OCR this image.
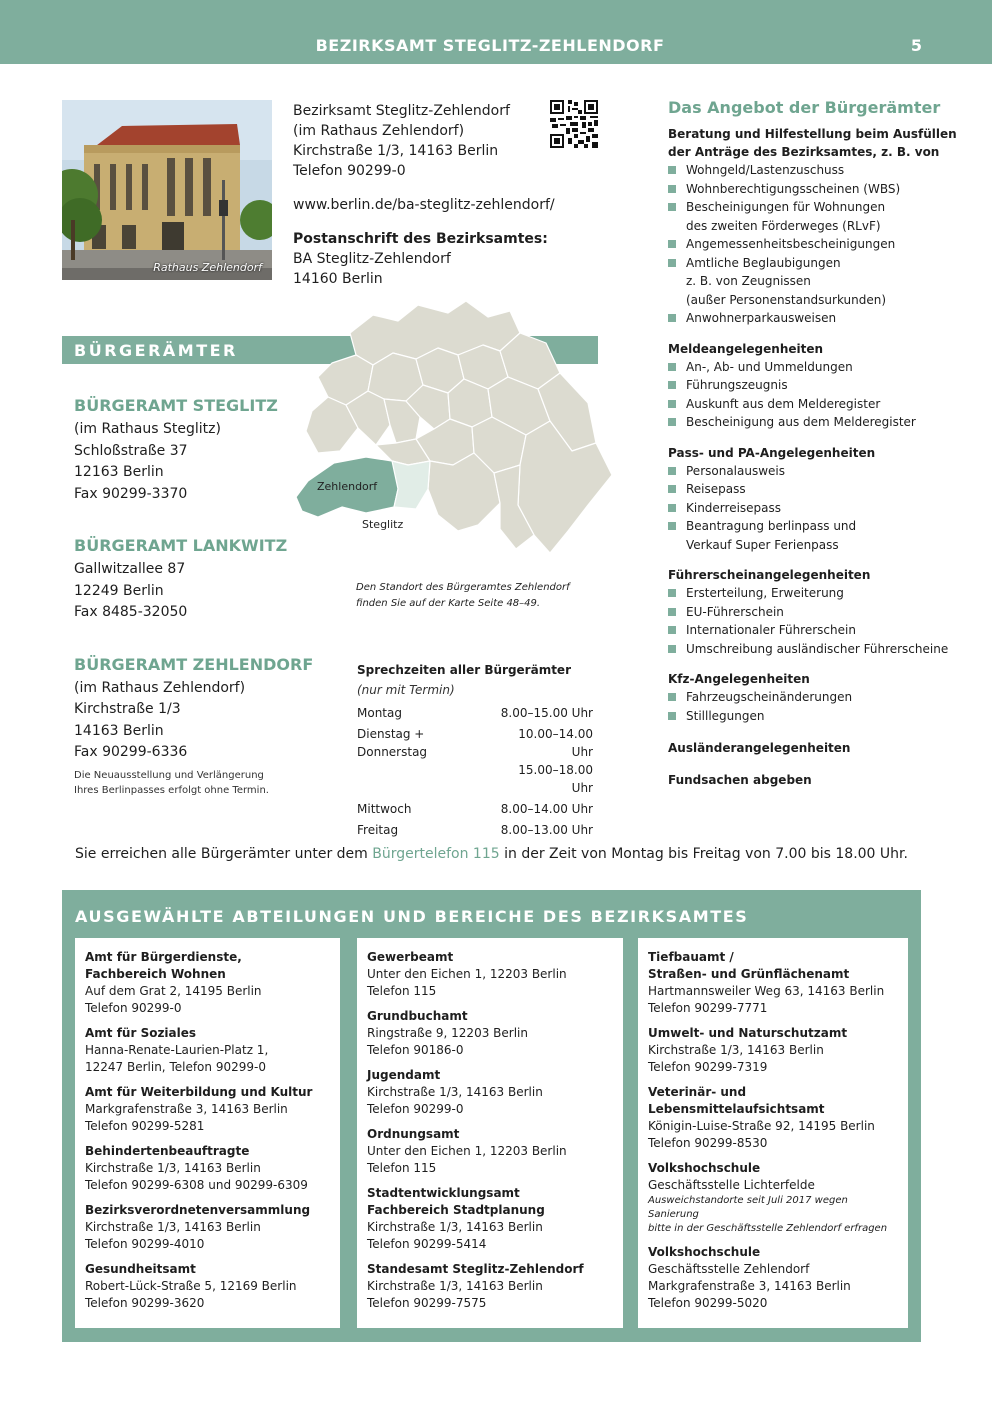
BEZIRKSAMT STEGLITZ-ZEHLENDORF	5
Rathaus Zehlendorf
Bezirksamt Steglitz-Zehlendorf
(im Rathaus Zehlendorf)
Kirchstraße 1/3, 14163 Berlin
Telefon 90299-0
www.berlin.de/ba-steglitz-zehlendorf/
Postanschrift des Bezirksamtes:
BA Steglitz-Zehlendorf
14160 Berlin
Das Angebot der Bürgerämter
Beratung und Hilfestellung beim Ausfüllen
der Anträge des Bezirksamtes, z. B. von
Wohngeld/Lastenzuschuss
Wohnberechtigungsscheinen (WBS)
Bescheinigungen für Wohnungen
des zweiten Förderweges (RLvF)
Angemessenheitsbescheinigungen
Amtliche Beglaubigungen
z. B. von Zeugnissen
(außer Personenstandsurkunden)
Anwohnerparkausweisen
Meldeangelegenheiten
An-, Ab- und Ummeldungen
Führungszeugnis
Auskunft aus dem Melderegister
Bescheinigung aus dem Melderegister
Pass- und PA-Angelegenheiten
Personalausweis
Reisepass
Kinderreisepass
Beantragung berlinpass und
Verkauf Super Ferienpass
Führerscheinangelegenheiten
Ersterteilung, Erweiterung
EU-Führerschein
Internationaler Führerschein
Umschreibung ausländischer Führerscheine
Kfz-Angelegenheiten
Fahrzeugscheinänderungen
Stilllegungen
Ausländerangelegenheiten
Fundsachen abgeben
BÜRGERÄMTER
Zehlendorf
Steglitz
BÜRGERAMT STEGLITZ
(im Rathaus Steglitz)
Schloßstraße 37
12163 Berlin
Fax 90299-3370
BÜRGERAMT LANKWITZ
Gallwitzallee 87
12249 Berlin
Fax 8485-32050
BÜRGERAMT ZEHLENDORF
(im Rathaus Zehlendorf)
Kirchstraße 1/3
14163 Berlin
Fax 90299-6336
Die Neuausstellung und Verlängerung
Ihres Berlinpasses erfolgt ohne Termin.
Den Standort des Bürgeramtes Zehlendorf
finden Sie auf der Karte Seite 48–49.
Sprechzeiten aller Bürgerämter
(nur mit Termin)
Montag	8.00–15.00 Uhr
Dienstag + Donnerstag
10.00–14.00 Uhr
15.00–18.00 Uhr
Mittwoch	8.00–14.00 Uhr
Freitag	8.00–13.00 Uhr
Sie erreichen alle Bürgerämter unter dem Bürgertelefon 115 in der Zeit von Montag bis Freitag von 7.00 bis 18.00 Uhr.
AUSGEWÄHLTE ABTEILUNGEN UND BEREICHE DES BEZIRKSAMTES
Amt für Bürgerdienste,
Fachbereich Wohnen
Auf dem Grat 2, 14195 Berlin
Telefon 90299-0
Amt für Soziales
Hanna-Renate-Laurien-Platz 1,
12247 Berlin, Telefon 90299-0
Amt für Weiterbildung und Kultur
Markgrafenstraße 3, 14163 Berlin
Telefon 90299-5281
Behindertenbeauftragte
Kirchstraße 1/3, 14163 Berlin
Telefon 90299-6308 und 90299-6309
Bezirksverordnetenversammlung
Kirchstraße 1/3, 14163 Berlin
Telefon 90299-4010
Gesundheitsamt
Robert-Lück-Straße 5, 12169 Berlin
Telefon 90299-3620
Gewerbeamt
Unter den Eichen 1, 12203 Berlin
Telefon 115
Grundbuchamt
Ringstraße 9, 12203 Berlin
Telefon 90186-0
Jugendamt
Kirchstraße 1/3, 14163 Berlin
Telefon 90299-0
Ordnungsamt
Unter den Eichen 1, 12203 Berlin
Telefon 115
Stadtentwicklungsamt
Fachbereich Stadtplanung
Kirchstraße 1/3, 14163 Berlin
Telefon 90299-5414
Standesamt Steglitz-Zehlendorf
Kirchstraße 1/3, 14163 Berlin
Telefon 90299-7575
Tiefbauamt /
Straßen- und Grünflächenamt
Hartmannsweiler Weg 63, 14163 Berlin
Telefon 90299-7771
Umwelt- und Naturschutzamt
Kirchstraße 1/3, 14163 Berlin
Telefon 90299-7319
Veterinär- und
Lebensmittelaufsichtsamt
Königin-Luise-Straße 92, 14195 Berlin
Telefon 90299-8530
Volkshochschule
Geschäftsstelle Lichterfelde
Ausweichstandorte seit Juli 2017 wegen Sanierung
bitte in der Geschäftsstelle Zehlendorf erfragen
Volkshochschule
Geschäftsstelle Zehlendorf
Markgrafenstraße 3, 14163 Berlin
Telefon 90299-5020
